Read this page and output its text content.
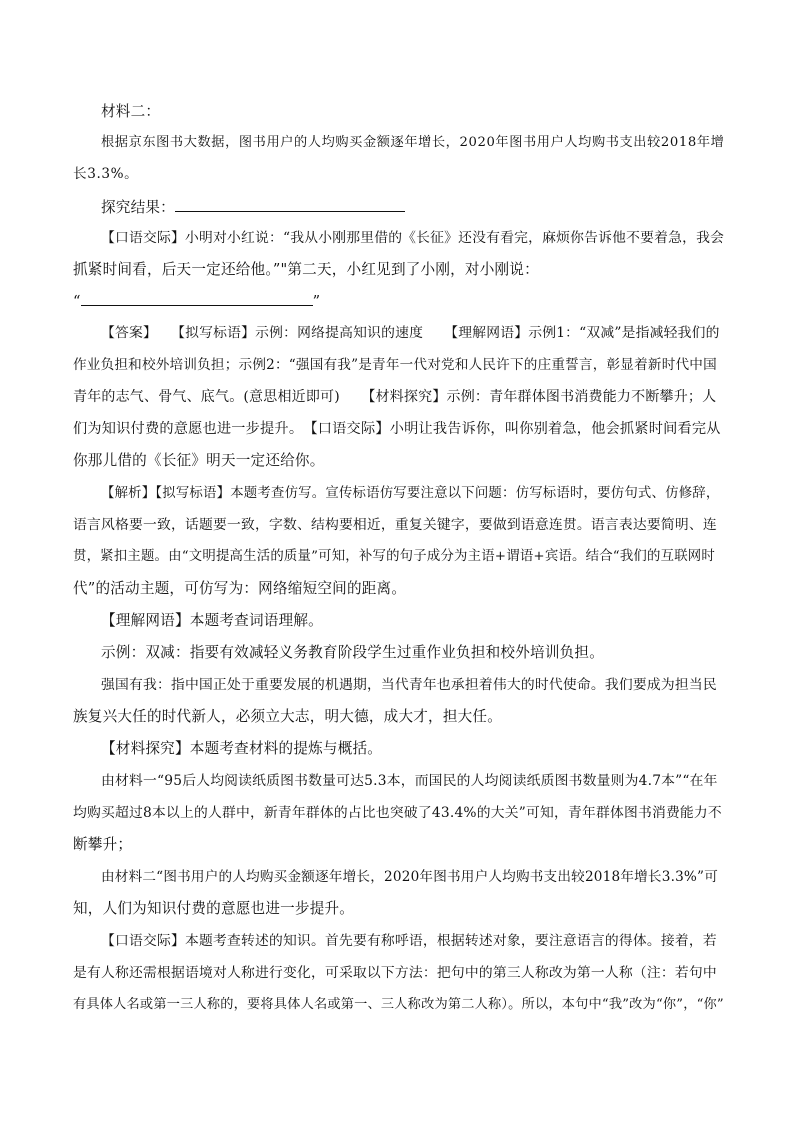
材料二：
根据京东图书大数据，图书用户的人均购买金额逐年增长，2020年图书用户人均购书支出较2018年增
长3.3%。
探究结果：
【口语交际】小明对小红说：“我从小刚那里借的《长征》还没有看完，麻烦你告诉他不要着急，我会
抓紧时间看，后天一定还给他。”"第二天，小红见到了小刚，对小刚说：
“	”
【答案】　　【拟写标语】示例：网络提高知识的速度　　【理解网语】示例1：“双减”是指减轻我们的
作业负担和校外培训负担；示例2：“强国有我”是青年一代对党和人民许下的庄重誓言，彰显着新时代中国
青年的志气、骨气、底气。(意思相近即可)　　【材料探究】示例：青年群体图书消费能力不断攀升；人
们为知识付费的意愿也进一步提升。　【口语交际】小明让我告诉你，叫你别着急，他会抓紧时间看完从
你那儿借的《长征》明天一定还给你。
【解析】【拟写标语】本题考查仿写。宣传标语仿写要注意以下问题：仿写标语时，要仿句式、仿修辞，
语言风格要一致，话题要一致，字数、结构要相近，重复关键字，要做到语意连贯。语言表达要简明、连
贯，紧扣主题。由“文明提高生活的质量”可知，补写的句子成分为主语+谓语+宾语。结合“我们的互联网时
代”的活动主题，可仿写为：网络缩短空间的距离。
【理解网语】本题考查词语理解。
示例：双减：指要有效减轻义务教育阶段学生过重作业负担和校外培训负担。
强国有我：指中国正处于重要发展的机遇期，当代青年也承担着伟大的时代使命。我们要成为担当民
族复兴大任的时代新人，必须立大志，明大德，成大才，担大任。
【材料探究】本题考查材料的提炼与概括。
由材料一“95后人均阅读纸质图书数量可达5.3本，而国民的人均阅读纸质图书数量则为4.7本”“在年
均购买超过8本以上的人群中，新青年群体的占比也突破了43.4%的大关”可知，青年群体图书消费能力不
断攀升；
由材料二“图书用户的人均购买金额逐年增长，2020年图书用户人均购书支出较2018年增长3.3%”可
知，人们为知识付费的意愿也进一步提升。
【口语交际】本题考查转述的知识。首先要有称呼语，根据转述对象，要注意语言的得体。接着，若
是有人称还需根据语境对人称进行变化，可采取以下方法：把句中的第三人称改为第一人称（注：若句中
有具体人名或第一三人称的，要将具体人名或第一、三人称改为第二人称）。所以，本句中“我”改为“你”，“你”
